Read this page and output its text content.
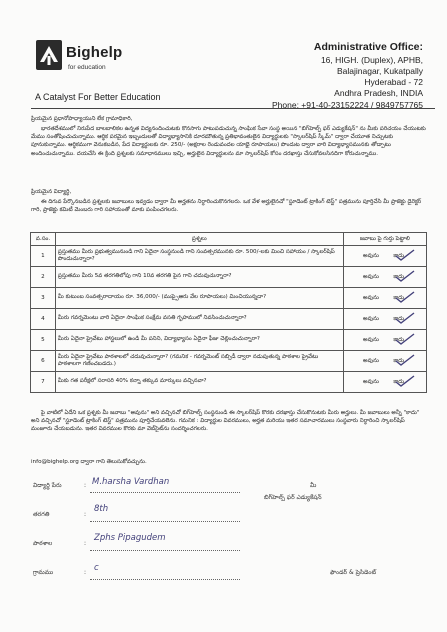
Bighelp
for education
A Catalyst For Better Education
Administrative Office:
16, HIGH. (Duplex), APHB,
Balajinagar, Kukatpally
Hyderabad - 72
Andhra Pradesh, INDIA
Phone: +91-40-23152224 / 9849757765
ప్రియమైన ప్రధానోపాధ్యాయుని లేక గ్రామాధికారి,
భారతదేశములో నిరుపేద బాలబాలికల ఉన్నత విద్యనందించుటకు కొనసాగు పాటుపడుచున్న సాంఘిక సేవా సంస్థ అయిన "బిగ్‌హెల్ప్ ఫర్ ఎడ్యుకేషన్" ను మీకు పరిచయం చేయుటకు మేము సంతోషించుచున్నాము. ఆర్థిక పరమైన ఇబ్బందులతో విద్యాభ్యాసానికి దూరమౌతున్న ప్రతిభావంతులైన విద్యార్థులకు "స్కాలర్‌షిప్ స్కీమ్" ద్వారా చేయూత నిచ్చుటకు పూనుకున్నాము. ఆర్థికముగా వెనుకబడిన, పేద విద్యార్థులకు రూ. 250/- (అక్షరాల రెండువందల యాభై రూపాయలు) పొందుట ద్వారా వారి విద్యాభ్యాసమునకు తోడ్పాటు అందించుచున్నాము. దయచేసి ఈ క్రింది ప్రశ్నలకు సమాధానములు ఇచ్చి, అర్హులైన విద్యార్థులను మా స్కాలర్‌షిప్ కోసం దరఖాస్తు చేసుకోవలసినదిగా కోరుచున్నాము.
ప్రియమైన విద్యార్థి,
ఈ దిగువ పేర్కొనబడిన ప్రశ్నలకు జవాబులు ఇవ్వడం ద్వారా మీ అర్హతను నిర్ధారించుకొనగలరు. ఒక వేళ అర్హులైనచో "స్టూడెంట్ ట్రాకింగ్ టెస్ట్" పత్రమును పూర్తిచేసి మీ ప్రాజెక్టు డైరెక్టర్ గారి, ప్రాజెక్టు కమిటీ మెంబరు గారి సహాయంతో మాకు పంపించగలరు.
వ.సం.	ప్రశ్నలు	జవాబు పై గుర్తు పెట్టాలి
1	ప్రస్తుతము మీరు ప్రభుత్వమునుండి గాని ఏదైనా సంస్థనుండి గాని సంవత్సరమునకు రూ. 500/-లకు మించి సహాయం / స్కాలర్‌షిప్ పొందుచున్నారా?	అవును కాదు

2	ప్రస్తుతము మీరు 5వ తరగతిలోపు గాని 10వ తరగతి పైన గాని చదువుచున్నారా?	అవును కాదు

3	మీ కుటుంబ సంవత్సరాదాయం రూ. 36,000/- (ముప్పైఆరు వేల రూపాయలు) మించియున్నదా?	అవును కాదు

4	మీరు గవర్నమెంటు వారి ఏదైనా సాంఘిక సంక్షేమ వసతి గృహములో నివసించుచున్నారా?	అవును కాదు

5	మీరు ఏదైనా ప్రైవేటు హాస్టలులో ఉండి మీ పనిని, విద్యాభ్యాసం ఏదైనా ఫీజు చెల్లించుచున్నారా?	అవును కాదు

6	మీరు ఏదైనా ప్రైవేటు పాఠశాలలో చదువుచున్నారా? (గమనిక - గవర్నమెంట్ సబ్సిడీ ద్వారా నడుపుతున్న పాఠశాల ప్రైవేటు పాఠశాలగా గణించబడదు.)	అవును కాదు

7	మీకు గత పరీక్షలో సరాసరి 40% కన్నా తక్కువ మార్కులు వచ్చినవా?	అవును కాదు
పై వాటిలో ఏదేని ఒక ప్రశ్నకు మీ జవాబు "అవును" అని వచ్చినచో బిగ్‌హెల్ప్ సంస్థనుండి ఈ స్కాలర్‌షిప్ కొరకు దరఖాస్తు చేసుకొనుటకు మీరు అర్హులు. మీ జవాబులు అన్నీ "కాదు" అని వచ్చినచో "స్టూడెంట్ ట్రాకింగ్ టెస్ట్" పత్రమును పూర్తిచేయవలెను. గమనిక : విద్యార్థుల వివరములు, అర్హత మరియు ఇతర సమాచారములు సంస్థవారు నిర్ధారించి స్కాలర్‌షిప్ మంజూరు చేయబడును. ఇతర వివరముల కొరకు మా వెబ్‌సైట్‌ను సందర్శించగలరు.
info@bighelp.org ద్వారా గాని తెలుసుకోవచ్చును.
విద్యార్థి పేరు	: M.harsha Vardhan
తరగతి	:
8th
పాఠశాల	:
Zphs Pipagudem
గ్రామము	: c
మీ
బిగ్‌హెల్ప్ ఫర్ ఎడ్యుకేషన్
ఫౌండర్ & ప్రెసిడెంట్
